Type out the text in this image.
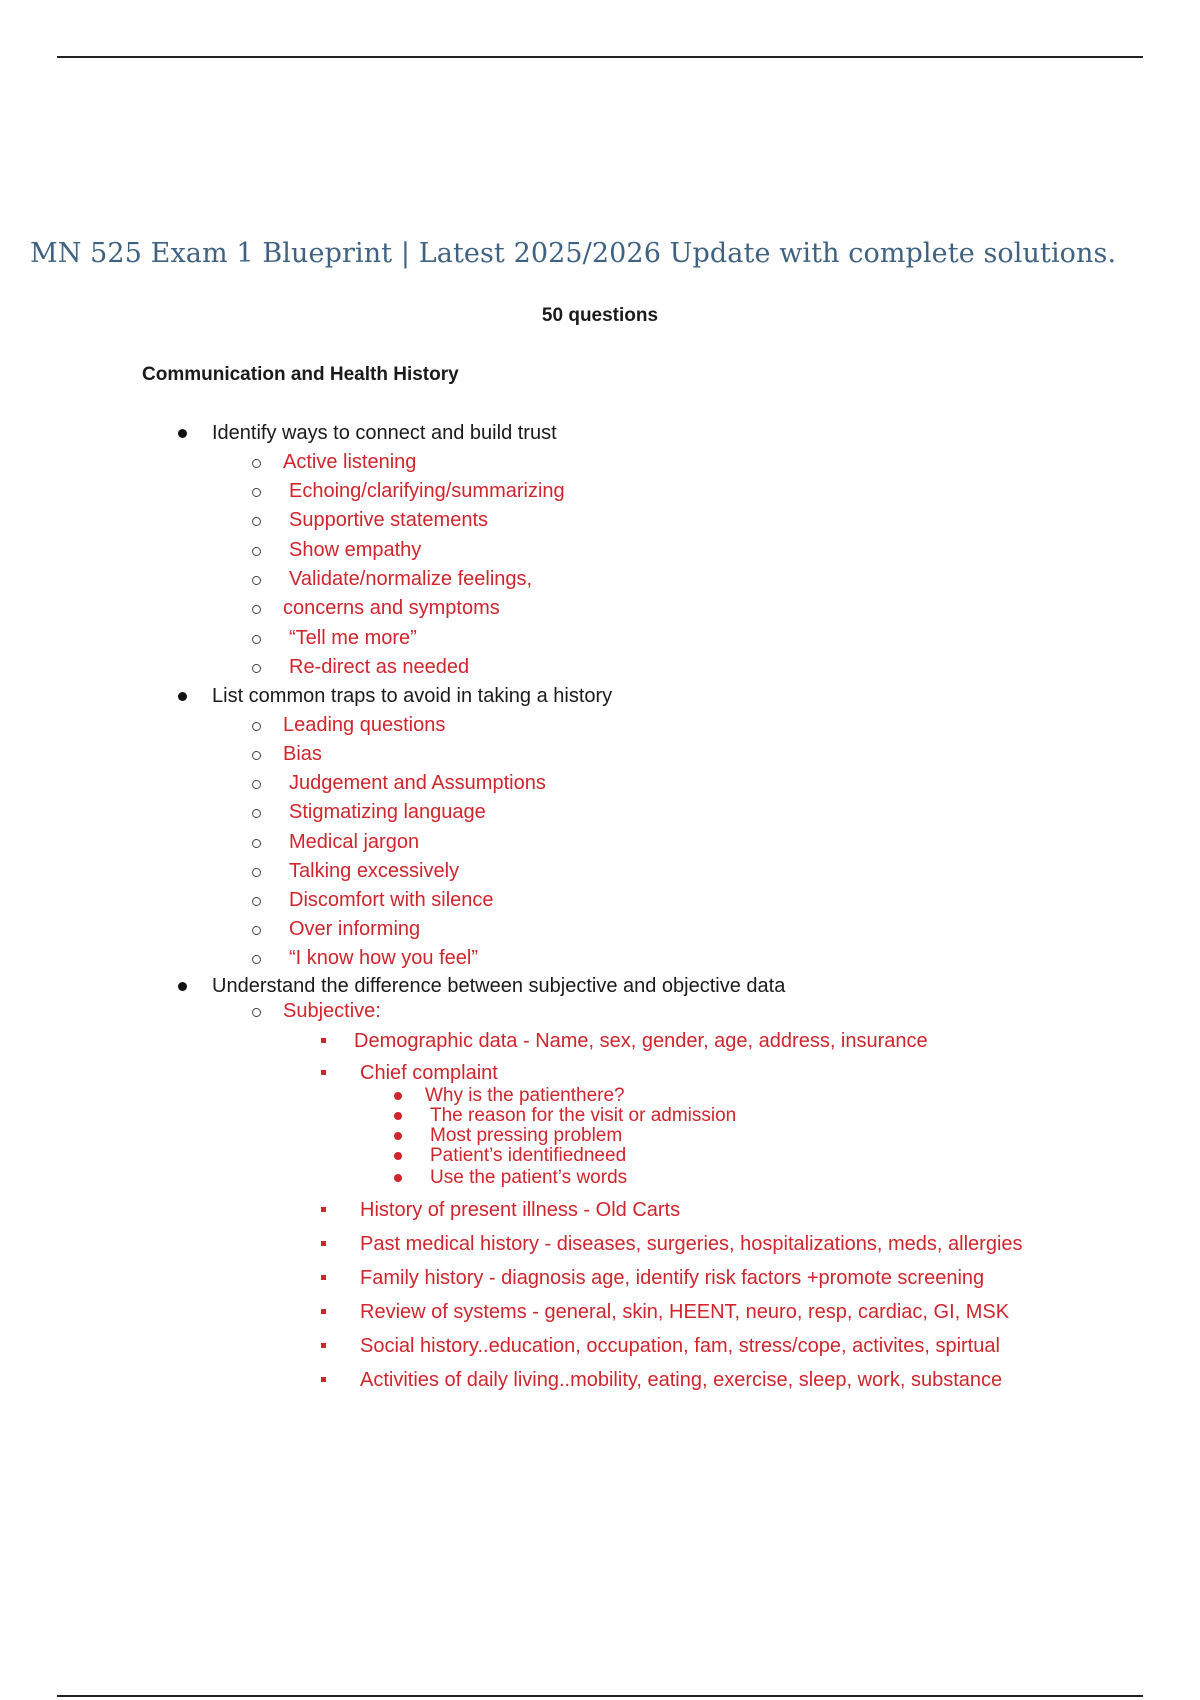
MN 525 Exam 1 Blueprint | Latest 2025/2026 Update with complete solutions.
50 questions
Communication and Health History
Identify ways to connect and build trust
Active listening
Echoing/clarifying/summarizing
Supportive statements
Show empathy
Validate/normalize feelings,
concerns and symptoms
“Tell me more”
Re-direct as needed
List common traps to avoid in taking a history
Leading questions
Bias
Judgement and Assumptions
Stigmatizing language
Medical jargon
Talking excessively
Discomfort with silence
Over informing
“I know how you feel”
Understand the difference between subjective and objective data
Subjective:
Demographic data - Name, sex, gender, age, address, insurance
Chief complaint
Why is the patienthere?
The reason for the visit or admission
Most pressing problem
Patient’s identifiedneed
Use the patient’s words
History of present illness - Old Carts
Past medical history - diseases, surgeries, hospitalizations, meds, allergies
Family history - diagnosis age, identify risk factors +promote screening
Review of systems - general, skin, HEENT, neuro, resp, cardiac, GI, MSK
Social history..education, occupation, fam, stress/cope, activites, spirtual
Activities of daily living..mobility, eating, exercise, sleep, work, substance
